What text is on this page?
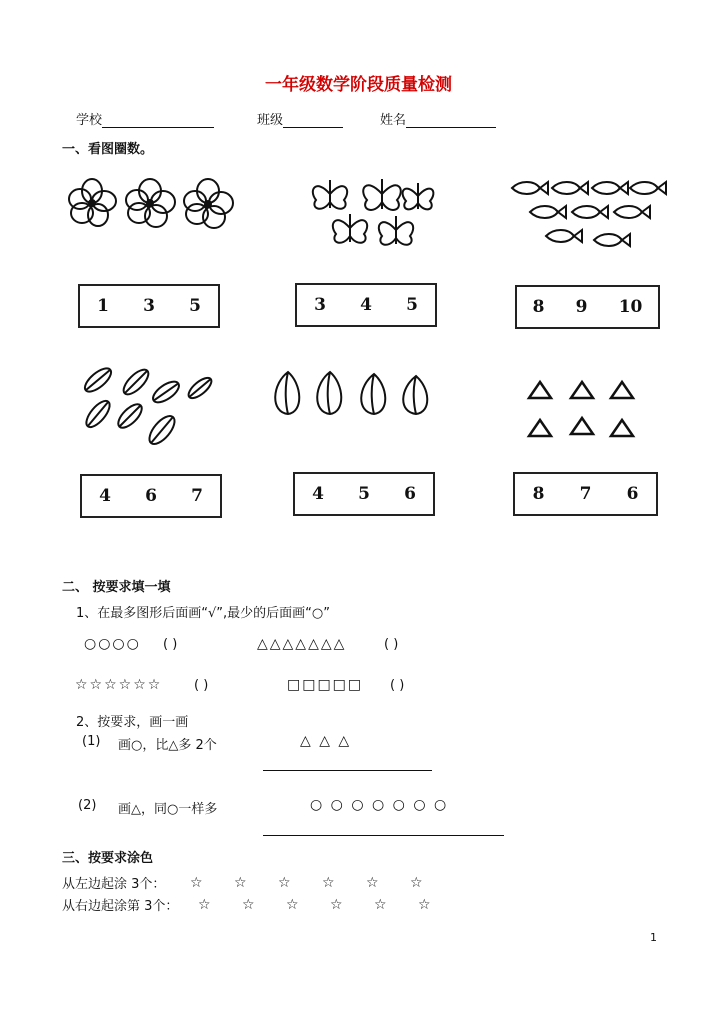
一年级数学阶段质量检测
学校	班级	姓名
一、看图圈数。
1 3 5	3 4 5	8 9 10
4 6 7	4 5 6	8 7 6
二、 按要求填一填
1、在最多图形后面画“√”,最少的后面画“○”
○○○○ ( )	△△△△△△△	( )
☆☆☆☆☆☆ ( )	□□□□□ ( )
2、按要求，画一画
(1) 画○，比△多 2个	△ △ △
(2) 画△，同○一样多	○ ○ ○ ○ ○ ○ ○
三、按要求涂色
从左边起涂 3个： ☆ ☆ ☆ ☆ ☆ ☆
从右边起涂第 3个： ☆ ☆ ☆ ☆ ☆ ☆
1
